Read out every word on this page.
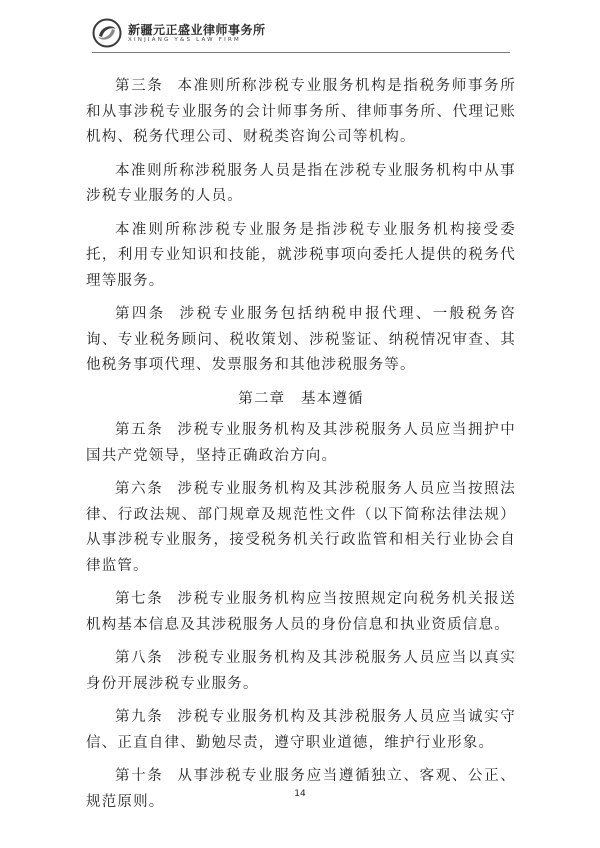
新疆元正盛业律师事务所
XINJIANG Y&S LAW FIRM

第三条 本准则所称涉税专业服务机构是指税务师事务所和从事涉税专业服务的会计师事务所、律师事务所、代理记账机构、税务代理公司、财税类咨询公司等机构。

本准则所称涉税服务人员是指在涉税专业服务机构中从事涉税专业服务的人员。

本准则所称涉税专业服务是指涉税专业服务机构接受委托，利用专业知识和技能，就涉税事项向委托人提供的税务代理等服务。

第四条 涉税专业服务包括纳税申报代理、一般税务咨询、专业税务顾问、税收策划、涉税鉴证、纳税情况审查、其他税务事项代理、发票服务和其他涉税服务等。

第二章　基本遵循

第五条 涉税专业服务机构及其涉税服务人员应当拥护中国共产党领导，坚持正确政治方向。

第六条 涉税专业服务机构及其涉税服务人员应当按照法律、行政法规、部门规章及规范性文件（以下简称法律法规）从事涉税专业服务，接受税务机关行政监管和相关行业协会自律监管。

第七条 涉税专业服务机构应当按照规定向税务机关报送机构基本信息及其涉税服务人员的身份信息和执业资质信息。

第八条 涉税专业服务机构及其涉税服务人员应当以真实身份开展涉税专业服务。

第九条 涉税专业服务机构及其涉税服务人员应当诚实守信、正直自律、勤勉尽责，遵守职业道德，维护行业形象。

第十条 从事涉税专业服务应当遵循独立、客观、公正、规范原则。	14
